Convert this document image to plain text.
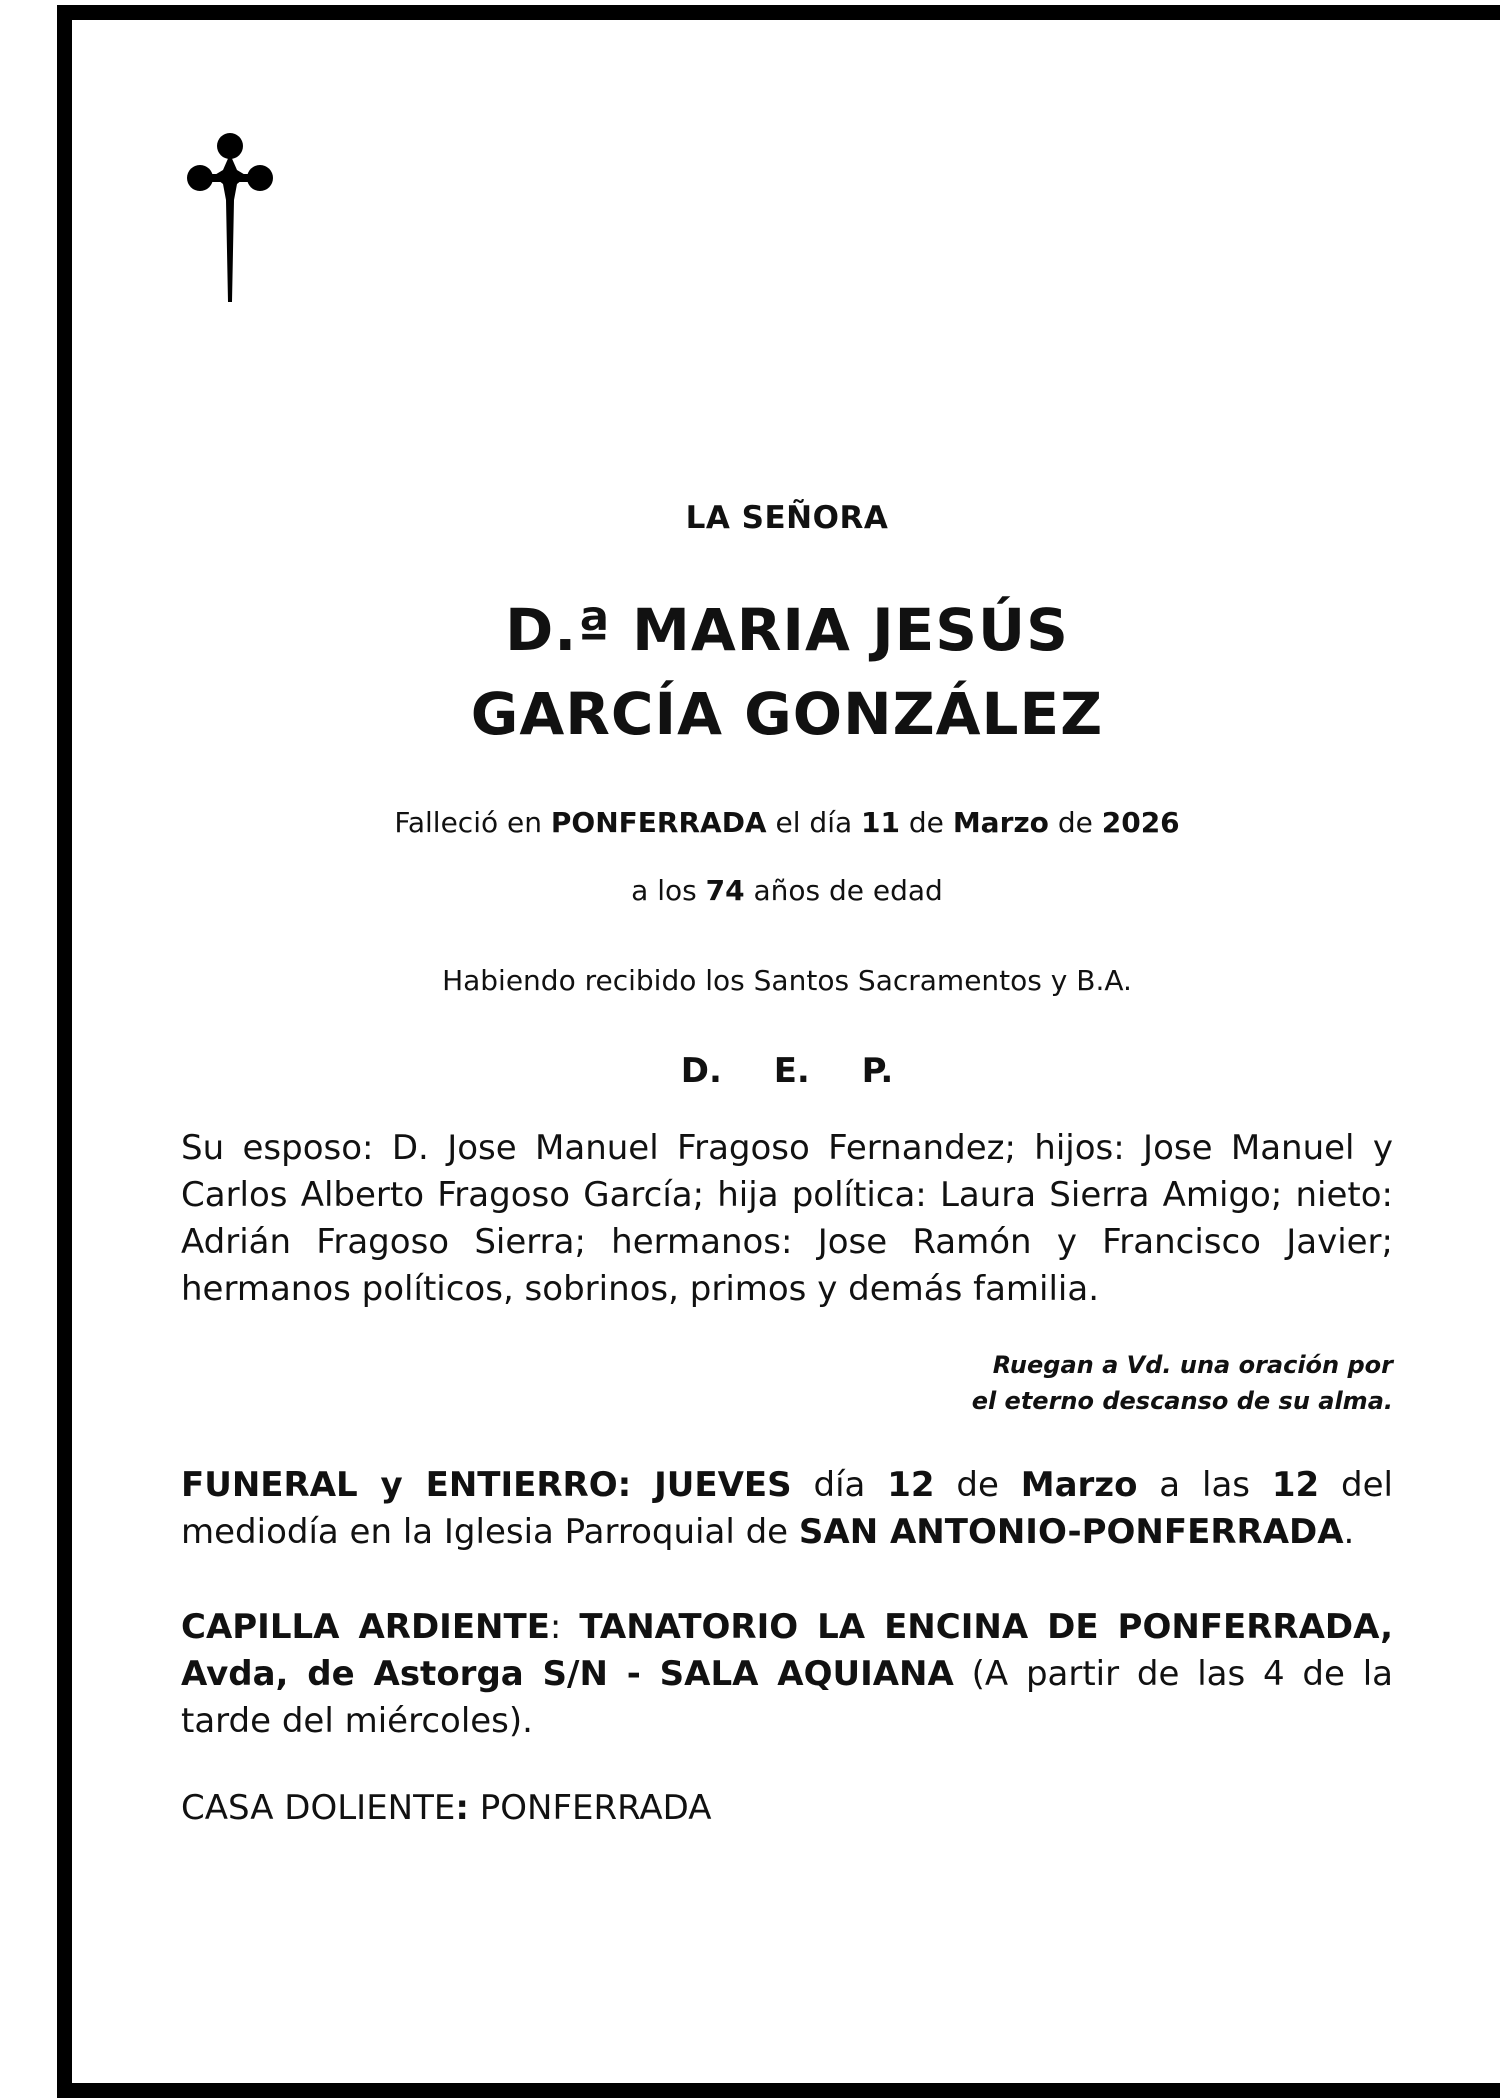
LA SEÑORA
D.ª MARIA JESÚS
GARCÍA GONZÁLEZ
Falleció en PONFERRADA el día 11 de Marzo de 2026
a los 74 años de edad
Habiendo recibido los Santos Sacramentos y B.A.
D. E. P.
Su esposo: D. Jose Manuel Fragoso Fernandez; hijos: Jose Manuel y Carlos Alberto Fragoso García; hija política: Laura Sierra Amigo; nieto: Adrián Fragoso Sierra; hermanos: Jose Ramón y Francisco Javier; hermanos políticos, sobrinos, primos y demás familia.
Ruegan a Vd. una oración por
el eterno descanso de su alma.
FUNERAL y ENTIERRO: JUEVES día 12 de Marzo a las 12 del mediodía en la Iglesia Parroquial de SAN ANTONIO-PONFERRADA.
CAPILLA ARDIENTE: TANATORIO LA ENCINA DE PONFERRADA, Avda, de Astorga S/N - SALA AQUIANA (A partir de las 4 de la tarde del miércoles).
CASA DOLIENTE: PONFERRADA
